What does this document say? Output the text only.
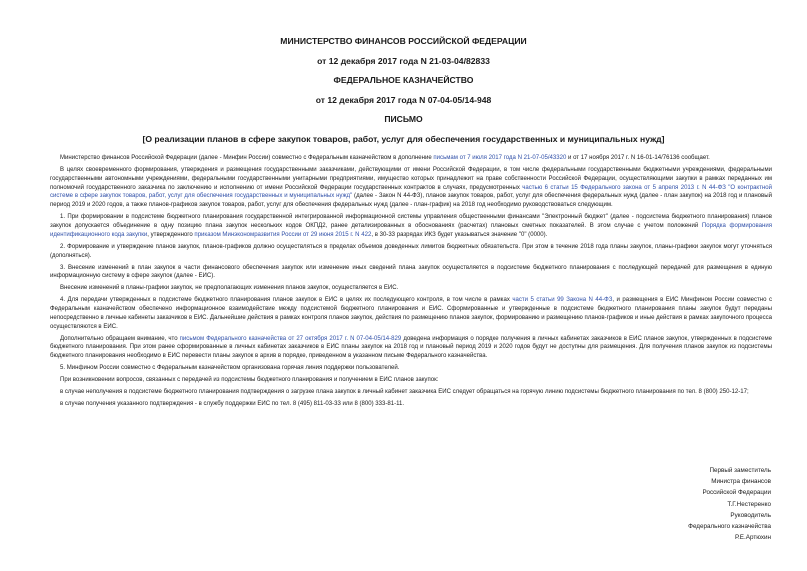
МИНИСТЕРСТВО ФИНАНСОВ РОССИЙСКОЙ ФЕДЕРАЦИИ
от 12 декабря 2017 года N 21-03-04/82833
ФЕДЕРАЛЬНОЕ КАЗНАЧЕЙСТВО
от 12 декабря 2017 года N 07-04-05/14-948
ПИСЬМО
[О реализации планов в сфере закупок товаров, работ, услуг для обеспечения государственных и муниципальных нужд]

Министерство финансов Российской Федерации (далее - Минфин России) совместно с Федеральным казначейством в дополнение письмам от 7 июля 2017 года N 21-07-05/43320 и от 17 ноября 2017 г. N 16-01-14/76136 сообщает.

В целях своевременного формирования, утверждения и размещения государственными заказчиками, действующими от имени Российской Федерации, в том числе федеральными государственными бюджетными учреждениями, федеральными государственными автономными учреждениями, федеральными государственными унитарными предприятиями, имущество которых принадлежит на праве собственности Российской Федерации, осуществляющими закупки в рамках переданных им полномочий государственного заказчика по заключению и исполнению от имени Российской Федерации государственных контрактов в случаях, предусмотренных частью 6 статьи 15 Федерального закона от 5 апреля 2013 г. N 44-ФЗ "О контрактной системе в сфере закупок товаров, работ, услуг для обеспечения государственных и муниципальных нужд" (далее - Закон N 44-ФЗ), планов закупок товаров, работ, услуг для обеспечения федеральных нужд (далее - план закупок) на 2018 год и плановый период 2019 и 2020 годов, а также планов-графиков закупок товаров, работ, услуг для обеспечения федеральных нужд (далее - план-график) на 2018 год необходимо руководствоваться следующим.

1. При формировании в подсистеме бюджетного планирования государственной интегрированной информационной системы управления общественными финансами "Электронный бюджет" (далее - подсистема бюджетного планирования) планов закупок допускается объединение в одну позицию плана закупок нескольких кодов ОКПД2, ранее детализированных в обоснованиях (расчетах) плановых сметных показателей. В этом случае с учетом положений Порядка формирования идентификационного кода закупки, утвержденного приказом Минэкономразвития России от 29 июня 2015 г. N 422, в 30-33 разрядах ИКЗ будет указываться значение "0" (0000).

2. Формирование и утверждение планов закупок, планов-графиков должно осуществляться в пределах объемов доведенных лимитов бюджетных обязательств. При этом в течение 2018 года планы закупок, планы-графики закупок могут уточняться (дополняться).

3. Внесение изменений в план закупок в части финансового обеспечения закупок или изменение иных сведений плана закупок осуществляется в подсистеме бюджетного планирования с последующей передачей для размещения в единую информационную систему в сфере закупок (далее - ЕИС).

Внесение изменений в планы-графики закупок, не предполагающих изменения планов закупок, осуществляется в ЕИС.

4. Для передачи утвержденных в подсистеме бюджетного планирования планов закупок в ЕИС в целях их последующего контроля, в том числе в рамках части 5 статьи 99 Закона N 44-ФЗ, и размещения в ЕИС Минфином России совместно с Федеральным казначейством обеспечено информационное взаимодействие между подсистемой бюджетного планирования и ЕИС. Сформированные и утвержденные в подсистеме бюджетного планирования планы закупок будут переданы непосредственно в личные кабинеты заказчиков в ЕИС. Дальнейшие действия в рамках контроля планов закупок, действия по размещению планов закупок, формированию и размещению планов-графиков и иные действия в рамках закупочного процесса осуществляются в ЕИС.

Дополнительно обращаем внимание, что письмом Федерального казначейства от 27 октября 2017 г. N 07-04-05/14-829 доведена информация о порядке получения в личных кабинетах заказчиков в ЕИС планов закупок, утвержденных в подсистеме бюджетного планирования. При этом ранее сформированные в личных кабинетах заказчиков в ЕИС планы закупок на 2018 год и плановый период 2019 и 2020 годов будут не доступны для размещения. Для получения планов закупок из подсистемы бюджетного планирования необходимо в ЕИС перевести планы закупок в архив в порядке, приведенном в указанном письме Федерального казначейства.

5. Минфином России совместно с Федеральным казначейством организована горячая линия поддержки пользователей.

При возникновении вопросов, связанных с передачей из подсистемы бюджетного планирования и получением в ЕИС планов закупок:

в случае неполучения в подсистеме бюджетного планирования подтверждения о загрузке плана закупок в личный кабинет заказчика ЕИС следует обращаться на горячую линию подсистемы бюджетного планирования по тел. 8 (800) 250-12-17;

в случае получения указанного подтверждения - в службу поддержки ЕИС по тел. 8 (495) 811-03-33 или 8 (800) 333-81-11.

Первый заместитель
Министра финансов
Российской Федерации
Т.Г.Нестеренко
Руководитель
Федерального казначейства
Р.Е.Артюхин
